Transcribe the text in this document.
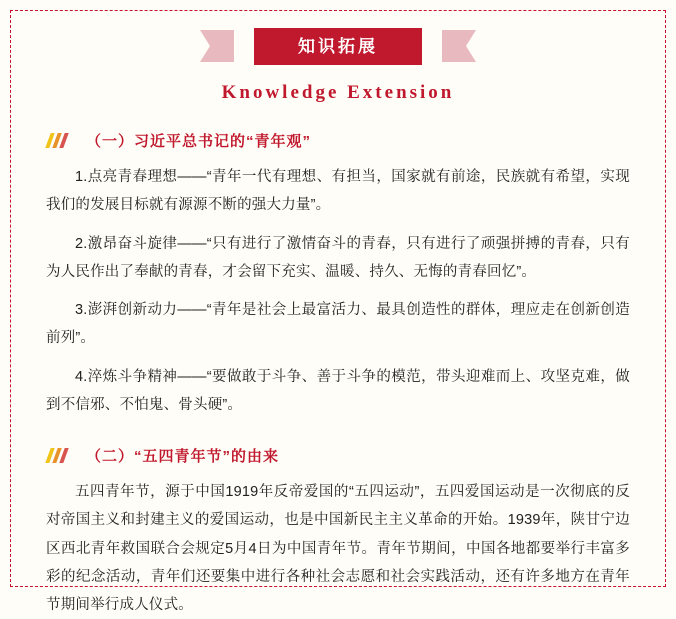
知识拓展
Knowledge Extension
（一）习近平总书记的“青年观”

1.点亮青春理想——“青年一代有理想、有担当，国家就有前途，民族就有希望，实现我们的发展目标就有源源不断的强大力量”。

2.激昂奋斗旋律——“只有进行了激情奋斗的青春，只有进行了顽强拼搏的青春，只有为人民作出了奉献的青春，才会留下充实、温暖、持久、无悔的青春回忆”。

3.澎湃创新动力——“青年是社会上最富活力、最具创造性的群体，理应走在创新创造前列”。

4.淬炼斗争精神——“要做敢于斗争、善于斗争的模范，带头迎难而上、攻坚克难，做到不信邪、不怕鬼、骨头硬”。

（二）“五四青年节”的由来

五四青年节，源于中国1919年反帝爱国的“五四运动”，五四爱国运动是一次彻底的反对帝国主义和封建主义的爱国运动，也是中国新民主主义革命的开始。1939年，陕甘宁边区西北青年救国联合会规定5月4日为中国青年节。青年节期间，中国各地都要举行丰富多彩的纪念活动，青年们还要集中进行各种社会志愿和社会实践活动，还有许多地方在青年节期间举行成人仪式。
